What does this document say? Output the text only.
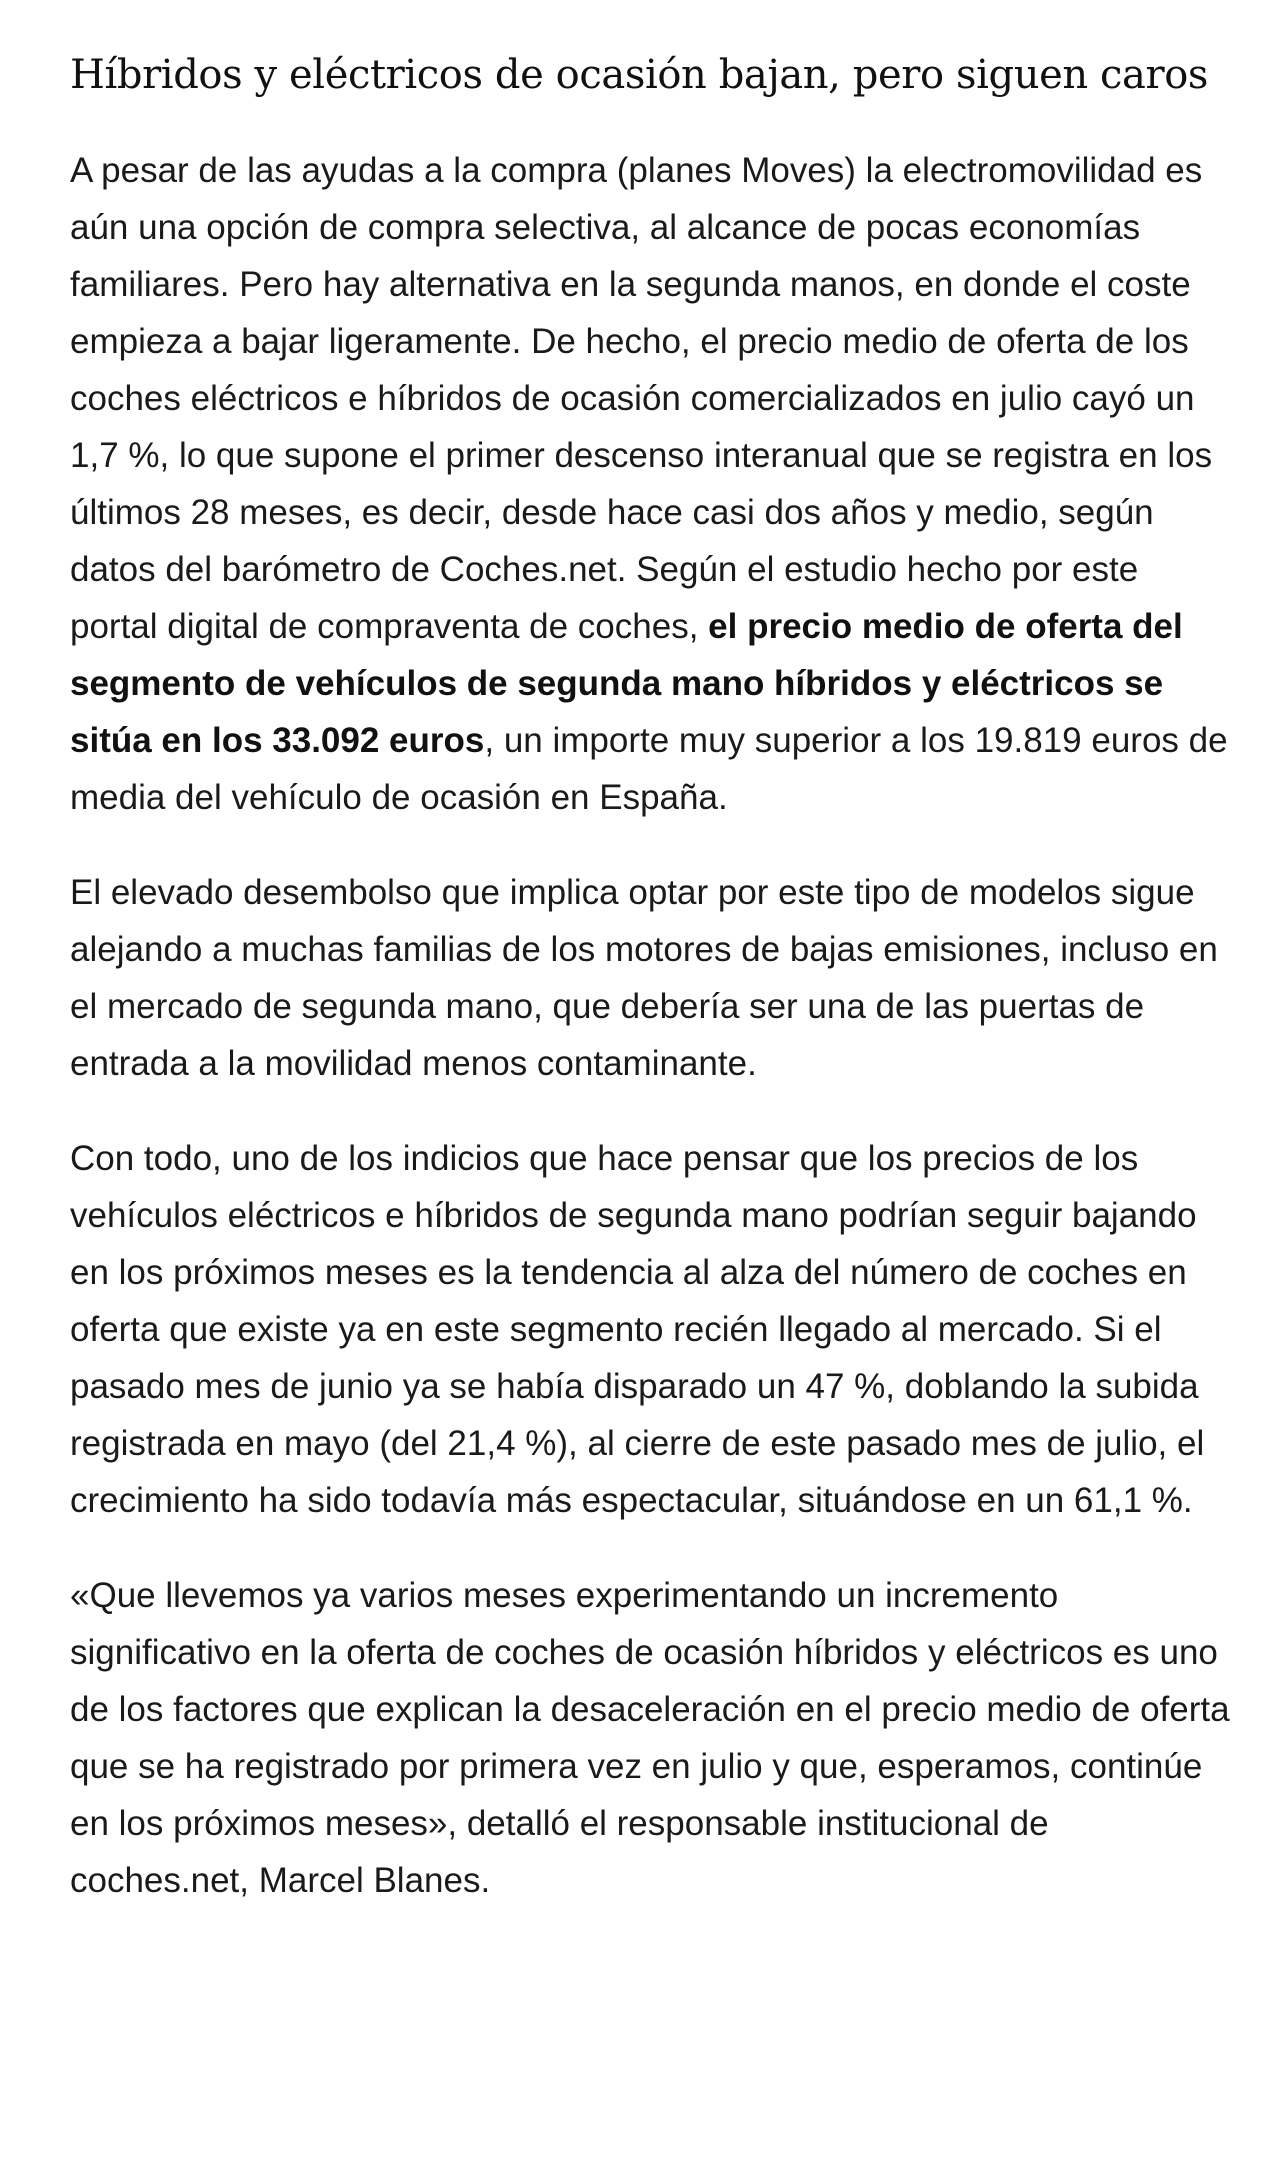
Híbridos y eléctricos de ocasión bajan, pero siguen caros

A pesar de las ayudas a la compra (planes Moves) la electromovilidad es aún una opción de compra selectiva, al alcance de pocas economías familiares. Pero hay alternativa en la segunda manos, en donde el coste empieza a bajar ligeramente. De hecho, el precio medio de oferta de los coches eléctricos e híbridos de ocasión comercializados en julio cayó un 1,7 %, lo que supone el primer descenso interanual que se registra en los últimos 28 meses, es decir, desde hace casi dos años y medio, según datos del barómetro de Coches.net. Según el estudio hecho por este portal digital de compraventa de coches, el precio medio de oferta del segmento de vehículos de segunda mano híbridos y eléctricos se sitúa en los 33.092 euros, un importe muy superior a los 19.819 euros de media del vehículo de ocasión en España.

El elevado desembolso que implica optar por este tipo de modelos sigue alejando a muchas familias de los motores de bajas emisiones, incluso en el mercado de segunda mano, que debería ser una de las puertas de entrada a la movilidad menos contaminante.

Con todo, uno de los indicios que hace pensar que los precios de los vehículos eléctricos e híbridos de segunda mano podrían seguir bajando en los próximos meses es la tendencia al alza del número de coches en oferta que existe ya en este segmento recién llegado al mercado. Si el pasado mes de junio ya se había disparado un 47 %, doblando la subida registrada en mayo (del 21,4 %), al cierre de este pasado mes de julio, el crecimiento ha sido todavía más espectacular, situándose en un 61,1 %.

«Que llevemos ya varios meses experimentando un incremento significativo en la oferta de coches de ocasión híbridos y eléctricos es uno de los factores que explican la desaceleración en el precio medio de oferta que se ha registrado por primera vez en julio y que, esperamos, continúe en los próximos meses», detalló el responsable institucional de coches.net, Marcel Blanes.
